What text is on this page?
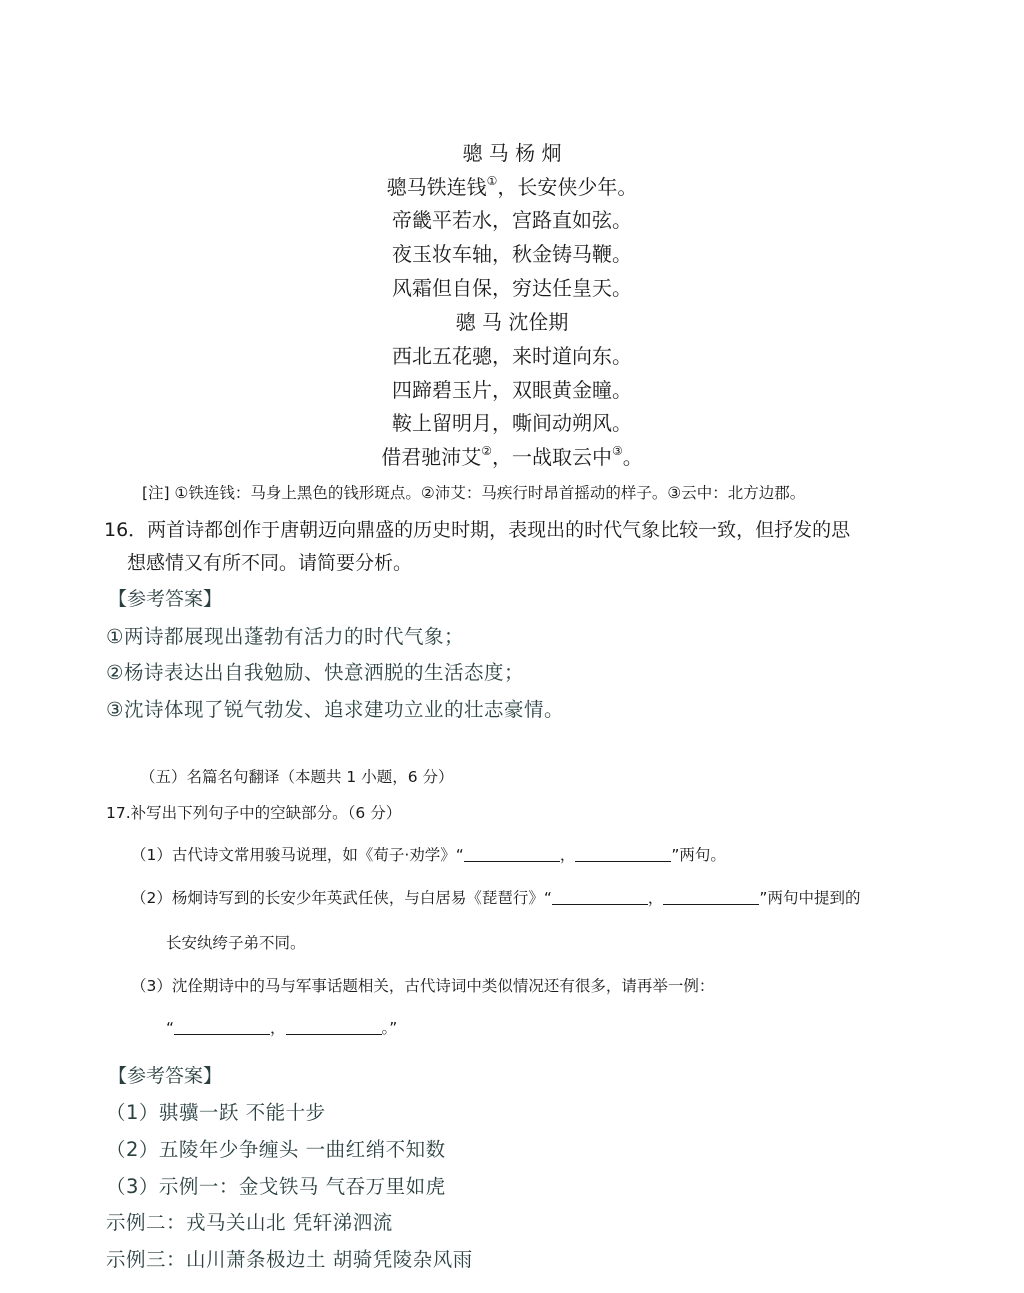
骢 马 杨 炯
骢马铁连钱①，长安侠少年。
帝畿平若水，宫路直如弦。
夜玉妆车轴，秋金铸马鞭。
风霜但自保，穷达任皇天。
骢 马 沈佺期
西北五花骢，来时道向东。
四蹄碧玉片，双眼黄金瞳。
鞍上留明月，嘶间动朔风。
借君驰沛艾②，一战取云中③。
[注] ①铁连钱：马身上黑色的钱形斑点。②沛艾：马疾行时昂首摇动的样子。③云中：北方边郡。
16．两首诗都创作于唐朝迈向鼎盛的历史时期，表现出的时代气象比较一致，但抒发的思
想感情又有所不同。请简要分析。
【参考答案】
①两诗都展现出蓬勃有活力的时代气象；
②杨诗表达出自我勉励、快意洒脱的生活态度；
③沈诗体现了锐气勃发、追求建功立业的壮志豪情。
（五）名篇名句翻译（本题共 1 小题，6 分）
17.补写出下列句子中的空缺部分。（6 分）
（1）古代诗文常用骏马说理，如《荀子·劝学》“	，	”两句。
（2）杨炯诗写到的长安少年英武任侠，与白居易《琵琶行》“	，	”两句中提到的
长安纨绔子弟不同。
（3）沈佺期诗中的马与军事话题相关，古代诗词中类似情况还有很多，请再举一例：
“	，	。”
【参考答案】
（1）骐骥一跃 不能十步
（2）五陵年少争缠头 一曲红绡不知数
（3）示例一：金戈铁马 气吞万里如虎
示例二：戎马关山北 凭轩涕泗流
示例三：山川萧条极边土 胡骑凭陵杂风雨
